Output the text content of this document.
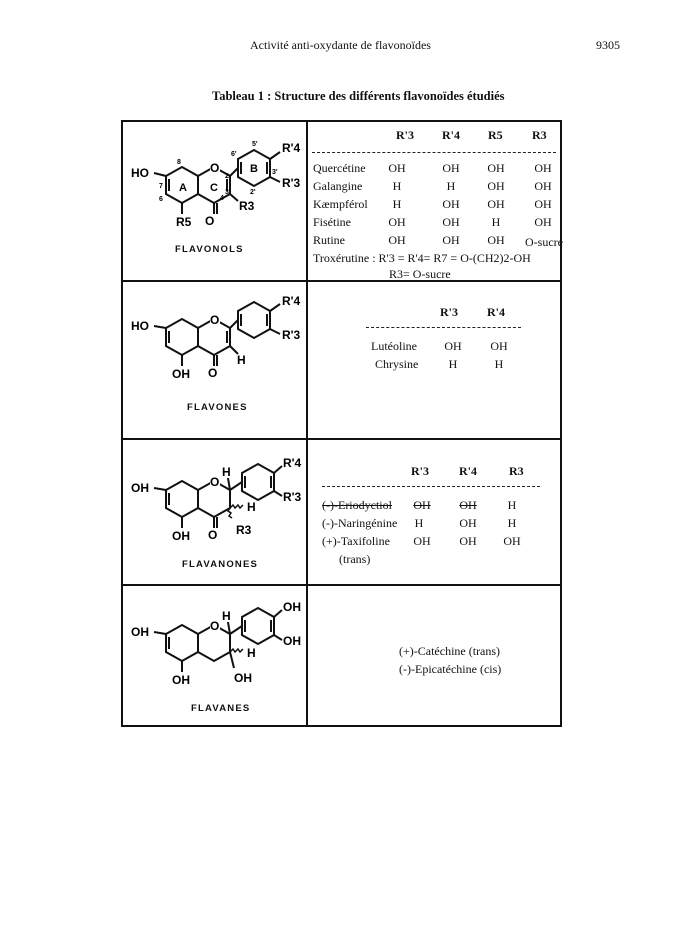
Activité anti-oxydante de flavonoïdes	9305
Tableau 1 : Structure des différents flavonoïdes étudiés
O
HO
O
R5
R3
R'4
R'3
A C
B
5'
6'
3'
2'
8
7
6	4
3
2
FLAVONOLS
R'3 R'4 R5 R3
Quercétine	OH	OH	OH	OH
Galangine	H	H	OH	OH
Kæmpférol	H	OH	OH	OH
Fisétine	OH	OH	H	OH
Rutine	OH	OH	OH	O-sucre
Troxérutine : R'3 = R'4= R7 = O-(CH2)2-OH
R3= O-sucre
O
HO
OH O
H
R'4
R'3
FLAVONES
R'3 R'4
Lutéoline	OH	OH
Chrysine	H	H
O
H
OH
OH O
H
R3
R'4
R'3
FLAVANONES
R'3	R'4	R3
(-)-Eriodyctiol	OH	OH	H
(-)-Naringénine	H	OH	H
(+)-Taxifoline	OH	OH	OH
(trans)
O
H
OH
OH
H
OH
OH
OH
FLAVANES
(+)-Catéchine (trans)
(-)-Epicatéchine (cis)
